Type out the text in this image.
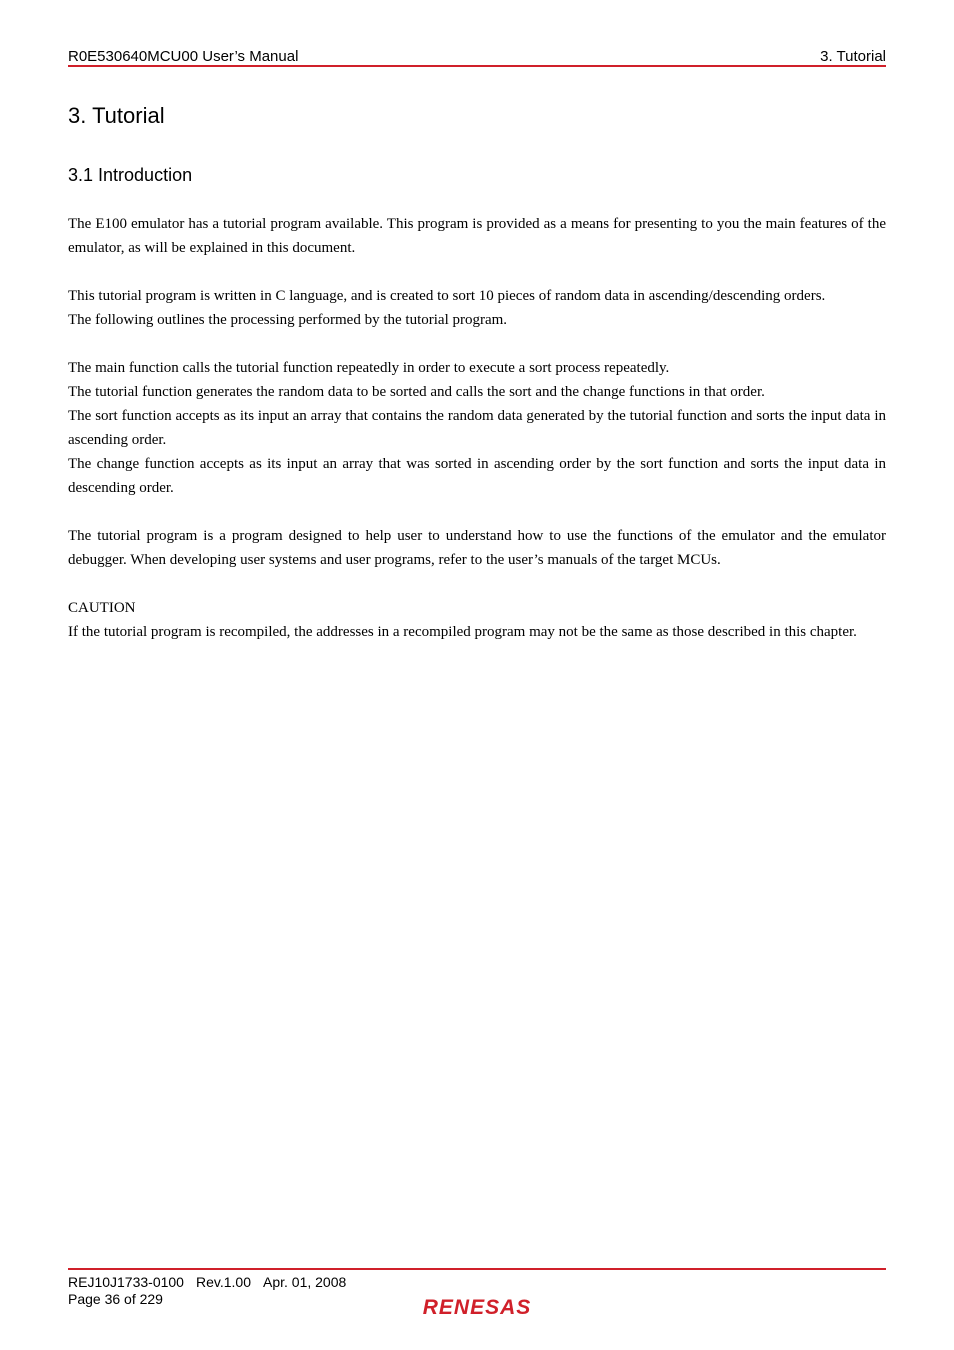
R0E530640MCU00 User’s Manual	3. Tutorial
3. Tutorial
3.1 Introduction

The E100 emulator has a tutorial program available. This program is provided as a means for presenting to you the main features of the emulator, as will be explained in this document.

This tutorial program is written in C language, and is created to sort 10 pieces of random data in ascending/descending orders.

The following outlines the processing performed by the tutorial program.

The main function calls the tutorial function repeatedly in order to execute a sort process repeatedly.

The tutorial function generates the random data to be sorted and calls the sort and the change functions in that order.

The sort function accepts as its input an array that contains the random data generated by the tutorial function and sorts the input data in ascending order.

The change function accepts as its input an array that was sorted in ascending order by the sort function and sorts the input data in descending order.

The tutorial program is a program designed to help user to understand how to use the functions of the emulator and the emulator debugger. When developing user systems and user programs, refer to the user’s manuals of the target MCUs.

CAUTION

If the tutorial program is recompiled, the addresses in a recompiled program may not be the same as those described in this chapter.

REJ10J1733-0100 Rev.1.00 Apr. 01, 2008
Page 36 of 229	RENESAS
